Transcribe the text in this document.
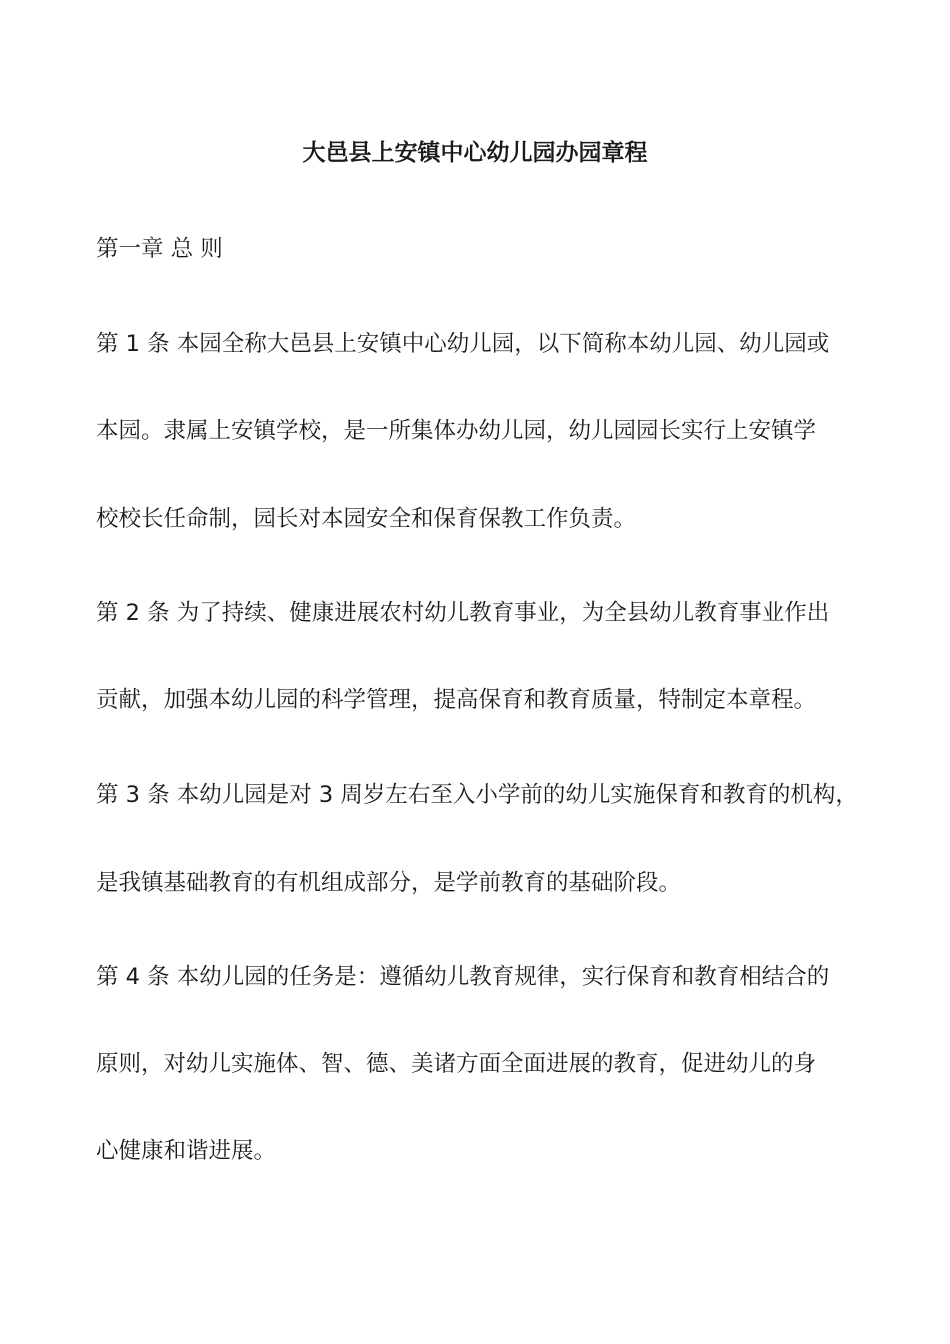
大邑县上安镇中心幼儿园办园章程
第一章 总 则
第 1 条 本园全称大邑县上安镇中心幼儿园，以下简称本幼儿园、幼儿园或
本园。隶属上安镇学校，是一所集体办幼儿园，幼儿园园长实行上安镇学
校校长任命制，园长对本园安全和保育保教工作负责。
第 2 条 为了持续、健康进展农村幼儿教育事业，为全县幼儿教育事业作出
贡献，加强本幼儿园的科学管理，提高保育和教育质量，特制定本章程。
第 3 条 本幼儿园是对 3 周岁左右至入小学前的幼儿实施保育和教育的机构，
是我镇基础教育的有机组成部分，是学前教育的基础阶段。
第 4 条 本幼儿园的任务是：遵循幼儿教育规律，实行保育和教育相结合的
原则，对幼儿实施体、智、德、美诸方面全面进展的教育，促进幼儿的身
心健康和谐进展。
